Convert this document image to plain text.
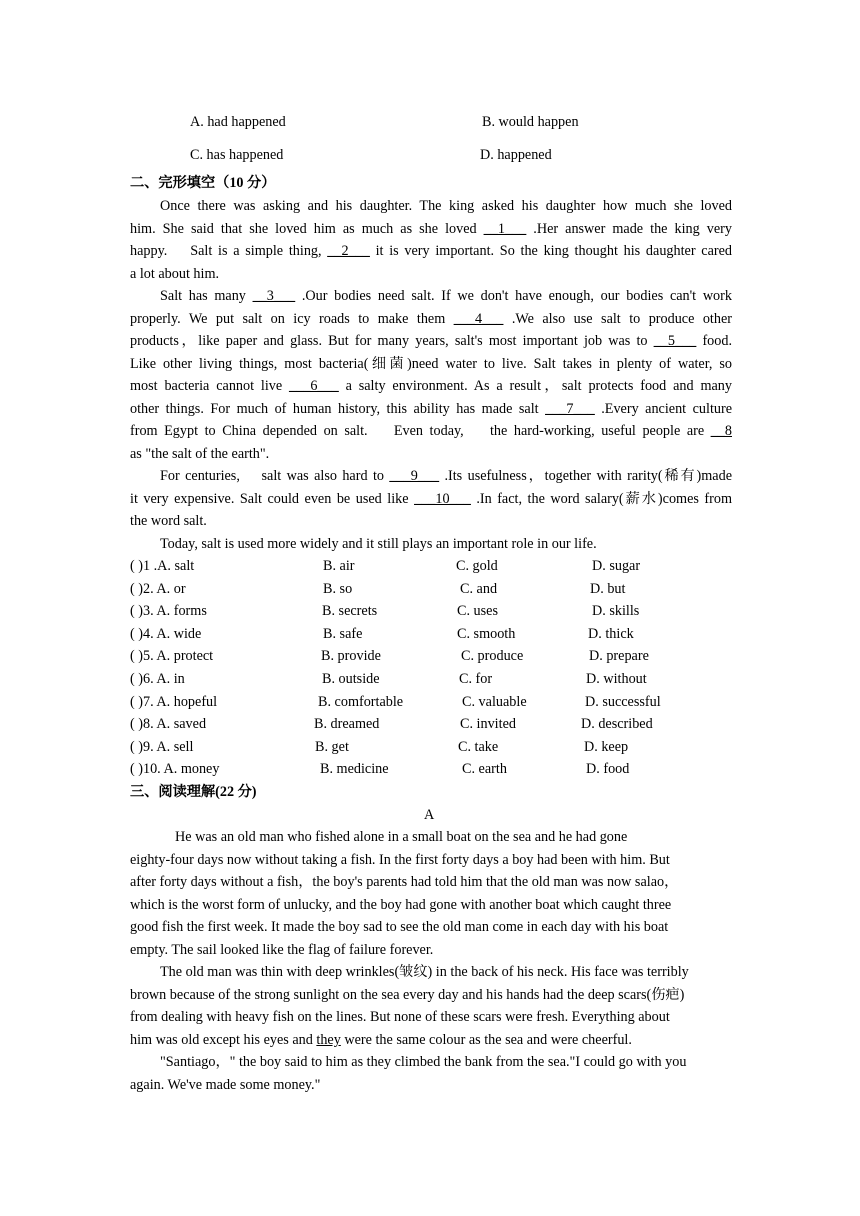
A. had happened	B. would happen
C. has happened	D. happened
二、完形填空（10 分）
Once there was asking and his daughter. The king asked his daughter how much she loved
him. She said that she loved him as much as she loved __1___ .Her answer made the king very
happy.    Salt is a simple thing, __2___ it is very important. So the king thought his daughter cared
a lot about him.
Salt has many __3___ .Our bodies need salt. If we don't have enough, our bodies can't work
properly. We put salt on icy roads to make them ___4___ .We also use salt to produce other
products，like paper and glass. But for many years, salt's most important job was to __5___ food.
Like other living things, most bacteria(细菌)need water to live. Salt takes in plenty of water, so
most bacteria cannot live ___6___ a salty environment. As a result，salt protects food and many
other things. For much of human history, this ability has made salt ___7___ .Every ancient culture
from Egypt to China depended on salt.    Even today,    the hard-working, useful people are __8
as "the salt of the earth".
For centuries,    salt was also hard to ___9___ .Its usefulness，together with rarity(稀有)made
it very expensive. Salt could even be used like ___10___ .In fact, the word salary(薪水)comes from
the word salt.
Today, salt is used more widely and it still plays an important role in our life.
( )1 .A. salt	B. air	C. gold	D. sugar
( )2. A. or	B. so	C. and	D. but
( )3. A. forms	B. secrets	C. uses	D. skills
( )4. A. wide	B. safe	C. smooth	D. thick
( )5. A. protect	B. provide	C. produce	D. prepare
( )6. A. in	B. outside	C. for	D. without
( )7. A. hopeful	B. comfortable	C. valuable	D. successful
( )8. A. saved	B. dreamed	C. invited	D. described
( )9. A. sell	B. get	C. take	D. keep
( )10. A. money	B. medicine	C. earth	D. food
三、阅读理解(22 分)
A
He was an old man who fished alone in a small boat on the sea and he had gone
eighty-four days now without taking a fish. In the first forty days a boy had been with him. But
after forty days without a fish，the boy's parents had told him that the old man was now salao，
which is the worst form of unlucky, and the boy had gone with another boat which caught three
good fish the first week. It made the boy sad to see the old man come in each day with his boat
empty. The sail looked like the flag of failure forever.
The old man was thin with deep wrinkles(皱纹) in the back of his neck. His face was terribly
brown because of the strong sunlight on the sea every day and his hands had the deep scars(伤疤)
from dealing with heavy fish on the lines. But none of these scars were fresh. Everything about
him was old except his eyes and they were the same colour as the sea and were cheerful.
"Santiago，" the boy said to him as they climbed the bank from the sea."I could go with you
again. We've made some money."
